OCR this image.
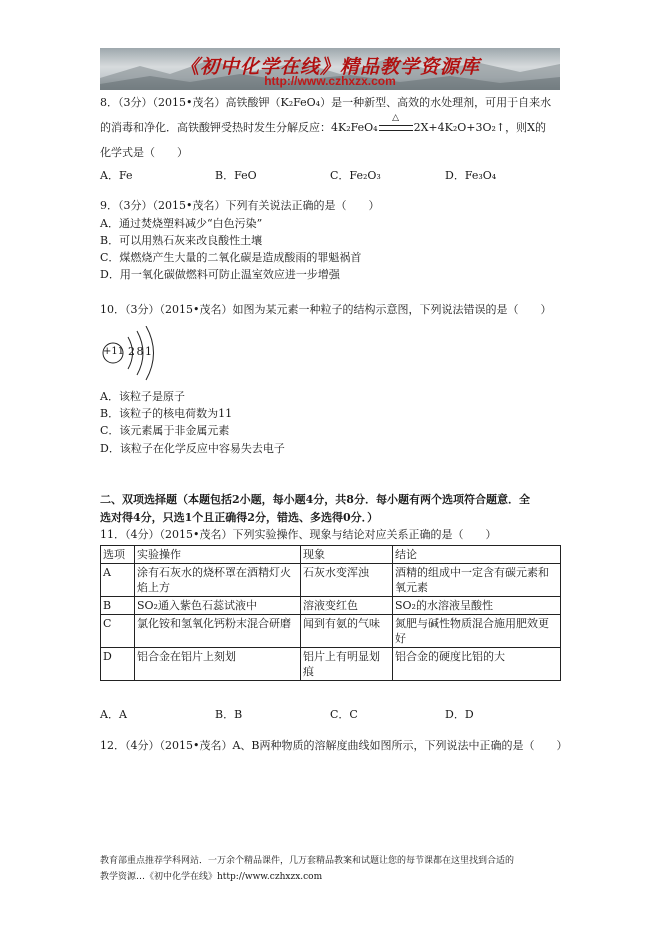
《初中化学在线》精品教学资源库
http://www.czhxzx.com
8．（3分）（2015•茂名）高铁酸钾（K₂FeO₄）是一种新型、高效的水处理剂，可用于自来水
的消毒和净化．高铁酸钾受热时发生分解反应：4K₂FeO₄
△
2X+4K₂O+3O₂↑，则X的
化学式是（　　）
A．Fe	B．FeO	C．Fe₂O₃	D．Fe₃O₄
9．（3分）（2015•茂名）下列有关说法正确的是（　　）
A．通过焚烧塑料减少“白色污染”
B．可以用熟石灰来改良酸性土壤
C．煤燃烧产生大量的二氧化碳是造成酸雨的罪魁祸首
D．用一氧化碳做燃料可防止温室效应进一步增强
10．（3分）（2015•茂名）如图为某元素一种粒子的结构示意图，下列说法错误的是（　　）
+11 2 8 1
A．该粒子是原子
B．该粒子的核电荷数为11
C．该元素属于非金属元素
D．该粒子在化学反应中容易失去电子
二、双项选择题（本题包括2小题，每小题4分，共8分．每小题有两个选项符合题意．全
选对得4分，只选1个且正确得2分，错选、多选得0分．）
11．（4分）（2015•茂名）下列实验操作、现象与结论对应关系正确的是（　　）
选项	实验操作	现象	结论
A	涂有石灰水的烧杯罩在酒精灯火焰上方	石灰水变浑浊	酒精的组成中一定含有碳元素和氧元素
B	SO₂通入紫色石蕊试液中	溶液变红色	SO₂的水溶液呈酸性
C	氯化铵和氢氧化钙粉末混合研磨	闻到有氨的气味	氮肥与碱性物质混合施用肥效更好
D	铝合金在铝片上刻划	铝片上有明显划痕	铝合金的硬度比铝的大
A．A	B．B	C．C	D．D
12．（4分）（2015•茂名）A、B两种物质的溶解度曲线如图所示，下列说法中正确的是（　　）
教育部重点推荐学科网站．一万余个精品课件，几万套精品教案和试题让您的每节课都在这里找到合适的
教学资源…《初中化学在线》http://www.czhxzx.com
